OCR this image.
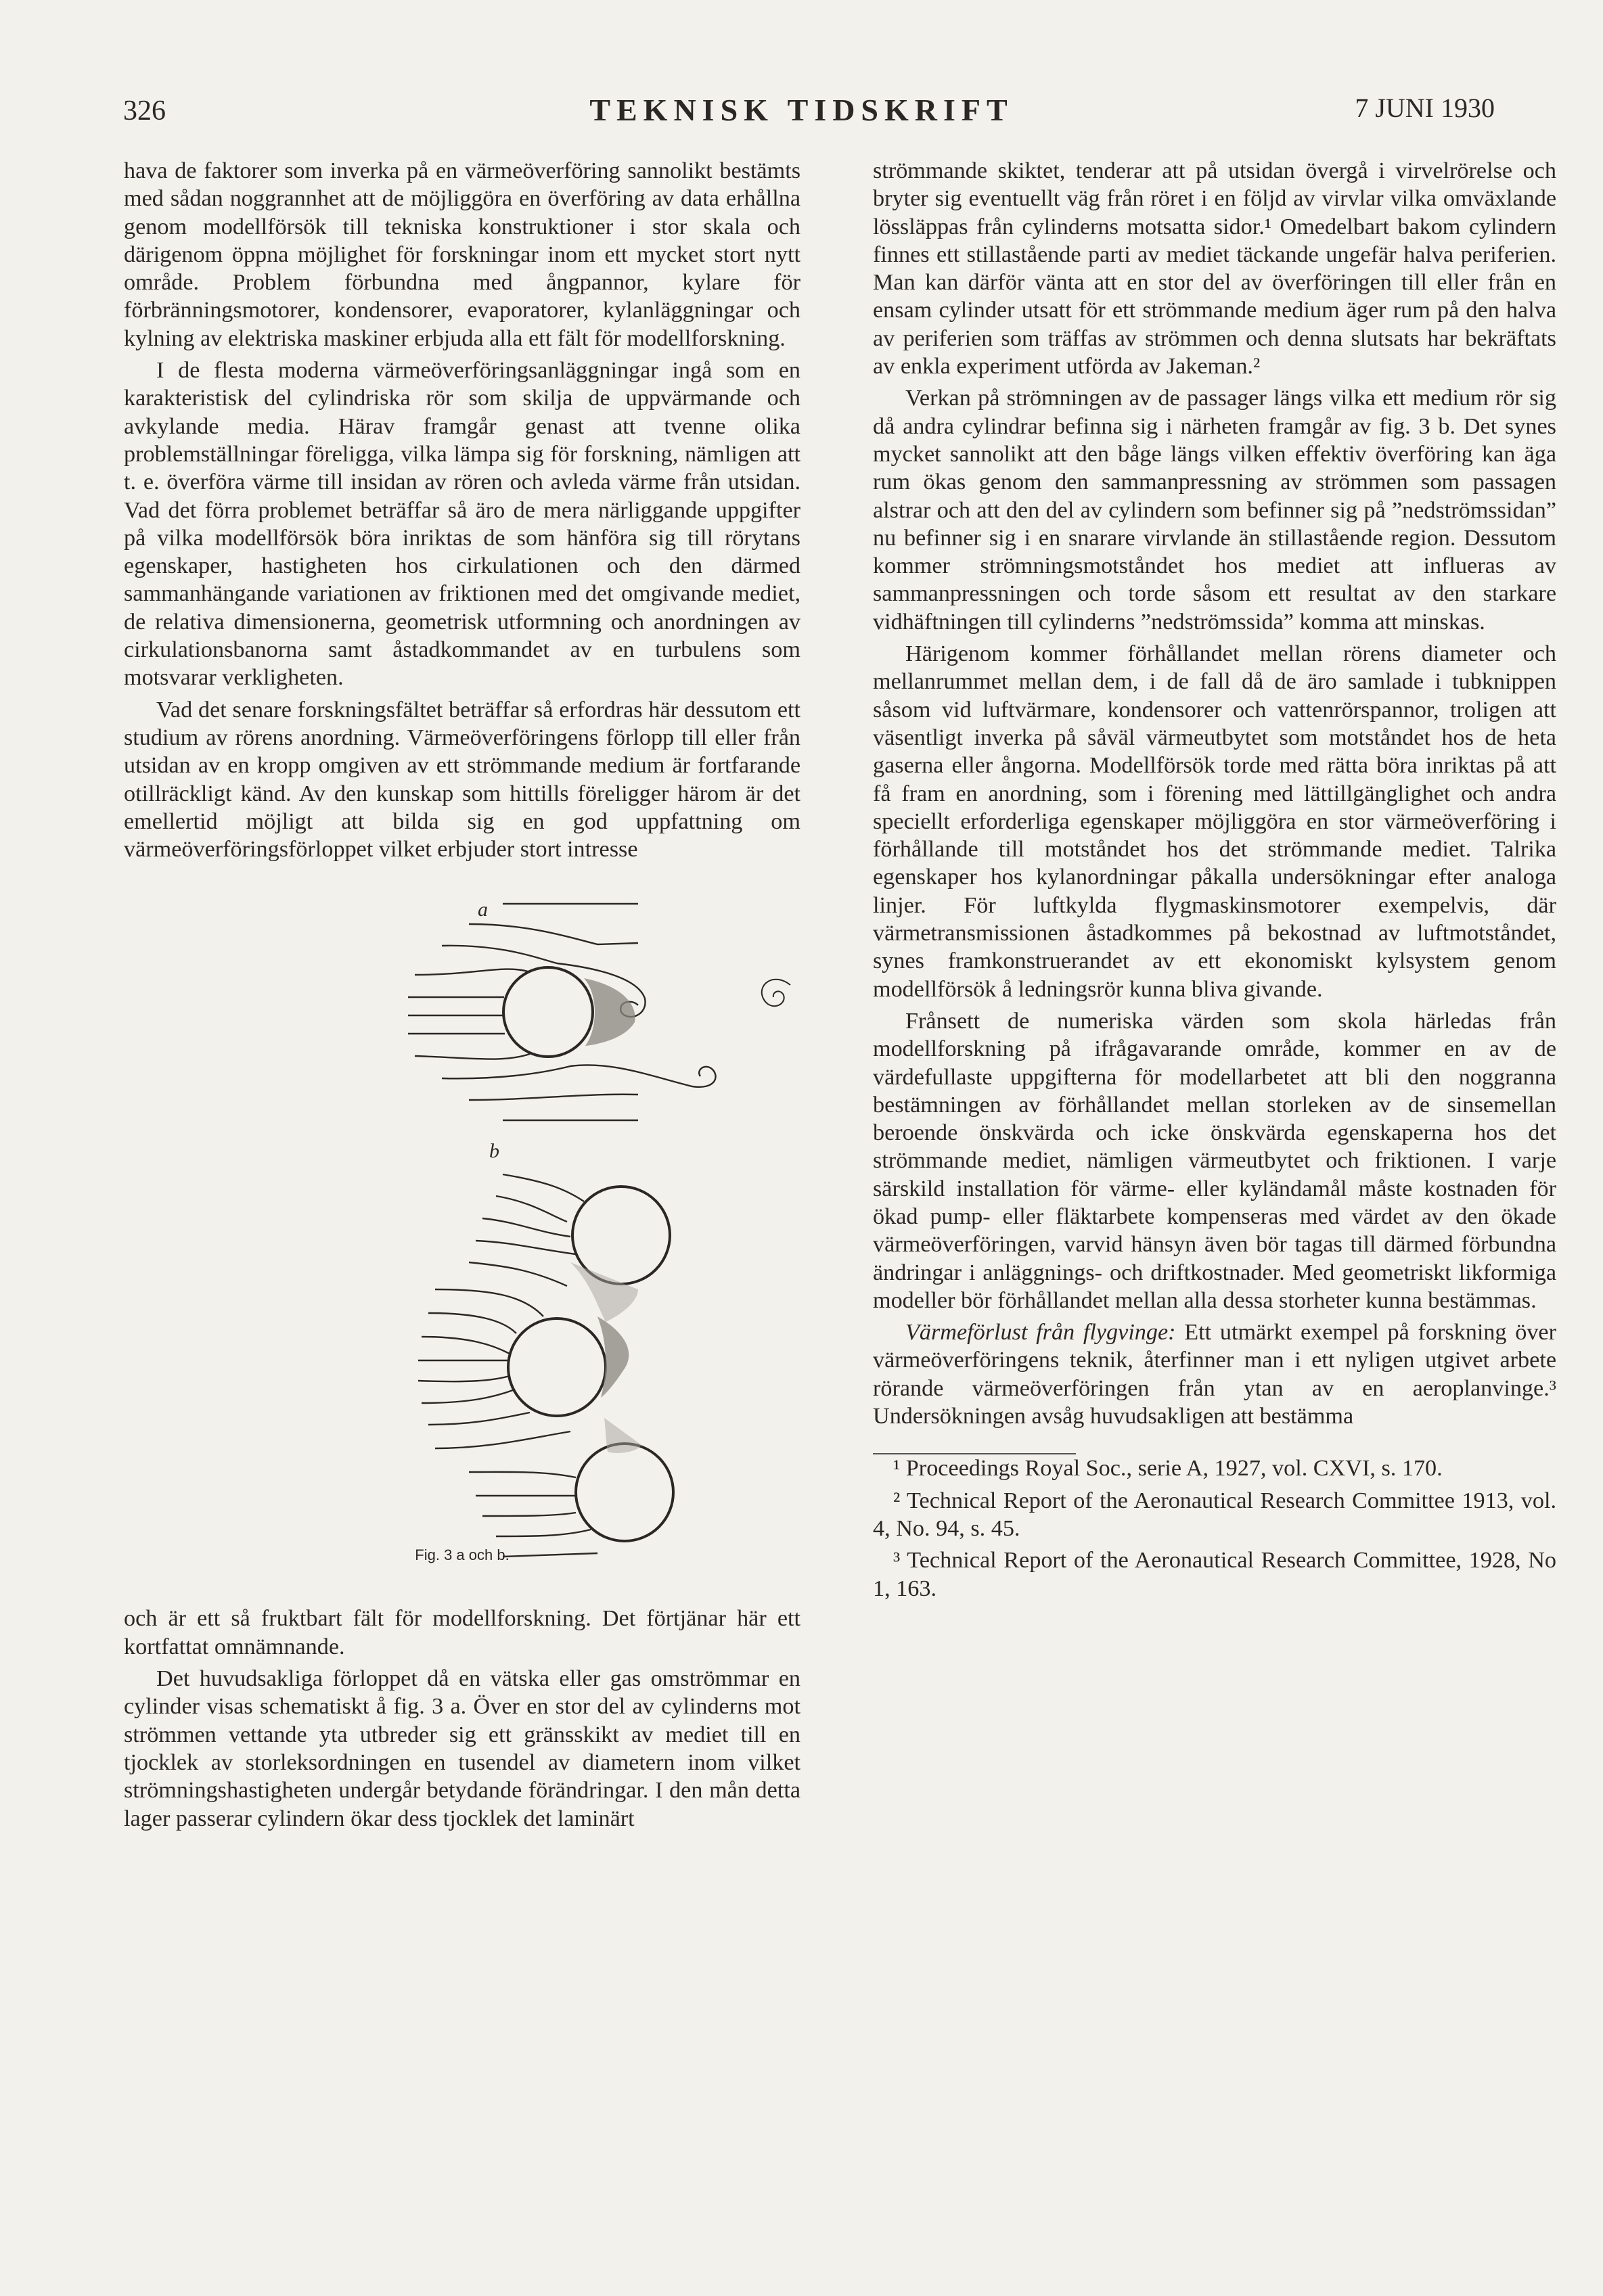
326	TEKNISK TIDSKRIFT	7 JUNI 1930

hava de faktorer som inverka på en värmeöverföring sannolikt bestämts med sådan noggrannhet att de möjliggöra en överföring av data erhållna genom modellförsök till tekniska konstruktioner i stor skala och därigenom öppna möjlighet för forskningar inom ett mycket stort nytt område. Problem förbundna med ångpannor, kylare för förbränningsmotorer, kondensorer, evaporatorer, kylanläggningar och kylning av elektriska maskiner erbjuda alla ett fält för modellforskning.

I de flesta moderna värmeöverföringsanläggningar ingå som en karakteristisk del cylindriska rör som skilja de uppvärmande och avkylande media. Härav framgår genast att tvenne olika problemställningar föreligga, vilka lämpa sig för forskning, nämligen att t. e. överföra värme till insidan av rören och avleda värme från utsidan. Vad det förra problemet beträffar så äro de mera närliggande uppgifter på vilka modellförsök böra inriktas de som hänföra sig till rörytans egenskaper, hastigheten hos cirkulationen och den därmed sammanhängande variationen av friktionen med det omgivande mediet, de relativa dimensionerna, geometrisk utformning och anordningen av cirkulationsbanorna samt åstadkommandet av en turbulens som motsvarar verkligheten.

Vad det senare forskningsfältet beträffar så erfordras här dessutom ett studium av rörens anordning. Värmeöverföringens förlopp till eller från utsidan av en kropp omgiven av ett strömmande medium är fortfarande otillräckligt känd. Av den kunskap som hittills föreligger härom är det emellertid möjligt att bilda sig en god uppfattning om värmeöverföringsförloppet vilket erbjuder stort intresse

a
b
Fig. 3 a och b.

och är ett så fruktbart fält för modellforskning. Det förtjänar här ett kortfattat omnämnande.

Det huvudsakliga förloppet då en vätska eller gas omströmmar en cylinder visas schematiskt å fig. 3 a. Över en stor del av cylinderns mot strömmen vettande yta utbreder sig ett gränsskikt av mediet till en tjocklek av storleksordningen en tusendel av diametern inom vilket strömningshastigheten undergår betydande förändringar. I den mån detta lager passerar cylindern ökar dess tjocklek det laminärt

strömmande skiktet, tenderar att på utsidan övergå i virvelrörelse och bryter sig eventuellt väg från röret i en följd av virvlar vilka omväxlande lössläppas från cylinderns motsatta sidor.¹ Omedelbart bakom cylindern finnes ett stillastående parti av mediet täckande ungefär halva periferien. Man kan därför vänta att en stor del av överföringen till eller från en ensam cylinder utsatt för ett strömmande medium äger rum på den halva av periferien som träffas av strömmen och denna slutsats har bekräftats av enkla experiment utförda av Jakeman.²

Verkan på strömningen av de passager längs vilka ett medium rör sig då andra cylindrar befinna sig i närheten framgår av fig. 3 b. Det synes mycket sannolikt att den båge längs vilken effektiv överföring kan äga rum ökas genom den sammanpressning av strömmen som passagen alstrar och att den del av cylindern som befinner sig på ”nedströmssidan” nu befinner sig i en snarare virvlande än stillastående region. Dessutom kommer strömningsmotståndet hos mediet att influeras av sammanpressningen och torde såsom ett resultat av den starkare vidhäftningen till cylinderns ”nedströmssida” komma att minskas.

Härigenom kommer förhållandet mellan rörens diameter och mellanrummet mellan dem, i de fall då de äro samlade i tubknippen såsom vid luftvärmare, kondensorer och vattenrörspannor, troligen att väsentligt inverka på såväl värmeutbytet som motståndet hos de heta gaserna eller ångorna. Modellförsök torde med rätta böra inriktas på att få fram en anordning, som i förening med lättillgänglighet och andra speciellt erforderliga egenskaper möjliggöra en stor värmeöverföring i förhållande till motståndet hos det strömmande mediet. Talrika egenskaper hos kylanordningar påkalla undersökningar efter analoga linjer. För luftkylda flygmaskinsmotorer exempelvis, där värmetransmissionen åstadkommes på bekostnad av luftmotståndet, synes framkonstruerandet av ett ekonomiskt kylsystem genom modellförsök å ledningsrör kunna bliva givande.

Frånsett de numeriska värden som skola härledas från modellforskning på ifrågavarande område, kommer en av de värdefullaste uppgifterna för modellarbetet att bli den noggranna bestämningen av förhållandet mellan storleken av de sinsemellan beroende önskvärda och icke önskvärda egenskaperna hos det strömmande mediet, nämligen värmeutbytet och friktionen. I varje särskild installation för värme- eller kyländamål måste kostnaden för ökad pump- eller fläktarbete kompenseras med värdet av den ökade värmeöverföringen, varvid hänsyn även bör tagas till därmed förbundna ändringar i anläggnings- och driftkostnader. Med geometriskt likformiga modeller bör förhållandet mellan alla dessa storheter kunna bestämmas.

Värmeförlust från flygvinge: Ett utmärkt exempel på forskning över värmeöverföringens teknik, återfinner man i ett nyligen utgivet arbete rörande värmeöverföringen från ytan av en aeroplanvinge.³ Undersökningen avsåg huvudsakligen att bestämma

¹ Proceedings Royal Soc., serie A, 1927, vol. CXVI, s. 170.

² Technical Report of the Aeronautical Research Committee 1913, vol. 4, No. 94, s. 45.

³ Technical Report of the Aeronautical Research Committee, 1928, No 1, 163.
